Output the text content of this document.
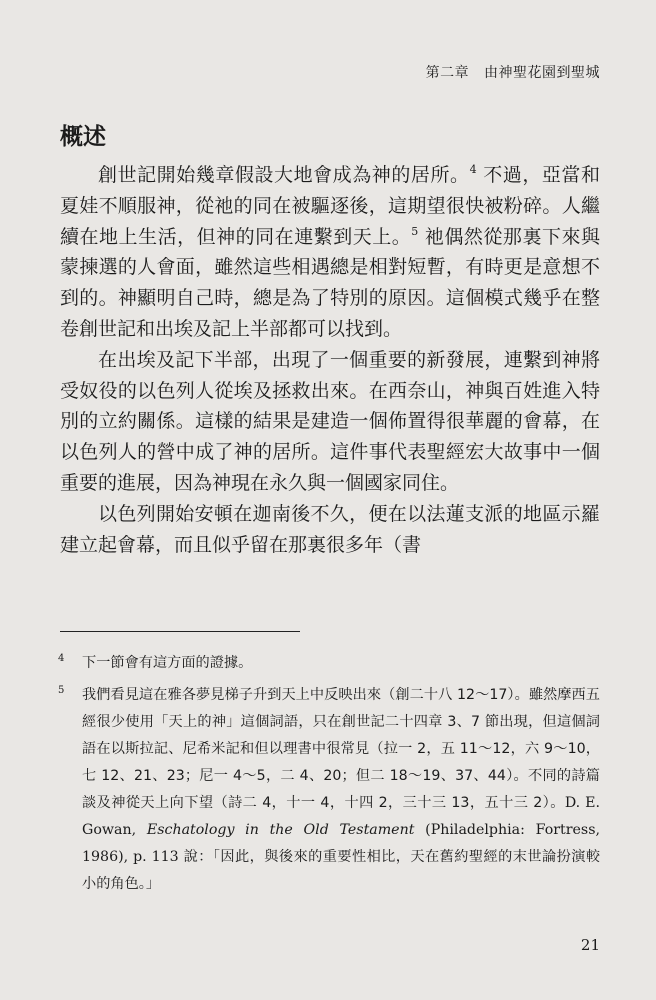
第二章 由神聖花園到聖城
概述

創世記開始幾章假設大地會成為神的居所。$^4$ 不過，亞當和夏娃不順服神，從祂的同在被驅逐後，這期望很快被粉碎。人繼續在地上生活，但神的同在連繫到天上。$^5$ 祂偶然從那裏下來與蒙揀選的人會面，雖然這些相遇總是相對短暫，有時更是意想不到的。神顯明自己時，總是為了特別的原因。這個模式幾乎在整卷創世記和出埃及記上半部都可以找到。

在出埃及記下半部，出現了一個重要的新發展，連繫到神將受奴役的以色列人從埃及拯救出來。在西奈山，神與百姓進入特別的立約關係。這樣的結果是建造一個佈置得很華麗的會幕，在以色列人的營中成了神的居所。這件事代表聖經宏大故事中一個重要的進展，因為神現在永久與一個國家同住。

以色列開始安頓在迦南後不久，便在以法蓮支派的地區示羅建立起會幕，而且似乎留在那裏很多年（書

4 下一節會有這方面的證據。
5 我們看見這在雅各夢見梯子升到天上中反映出來（創二十八 12～17）。雖然摩西五經很少使用「天上的神」這個詞語，只在創世記二十四章 3、7 節出現，但這個詞語在以斯拉記、尼希米記和但以理書中很常見（拉一 2，五 11～12，六 9～10，七 12、21、23；尼一 4～5，二 4、20；但二 18～19、37、44）。不同的詩篇談及神從天上向下望（詩二 4，十一 4，十四 2，三十三 13，五十三 2）。D. E. Gowan, Eschatology in the Old Testament (Philadelphia: Fortress, 1986), p. 113 說：「因此，與後來的重要性相比，天在舊約聖經的末世論扮演較小的角色。」
21
